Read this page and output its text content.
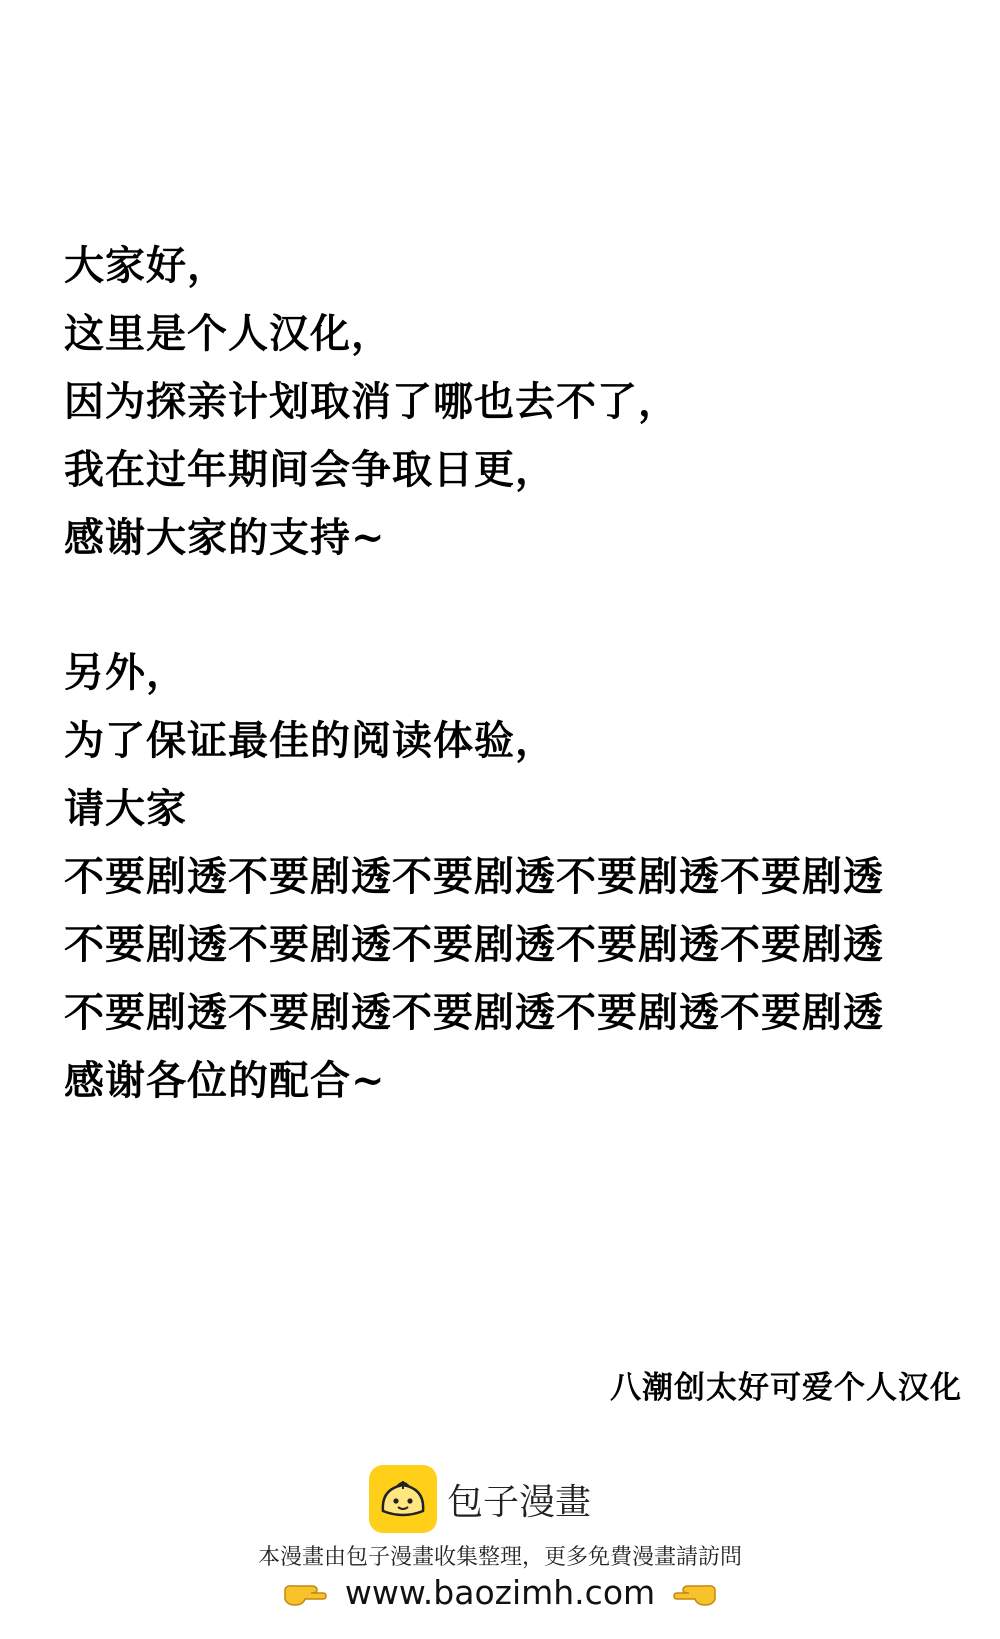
大家好，
这里是个人汉化，
因为探亲计划取消了哪也去不了，
我在过年期间会争取日更，
感谢大家的支持~
另外，
为了保证最佳的阅读体验，
请大家
不要剧透不要剧透不要剧透不要剧透不要剧透
不要剧透不要剧透不要剧透不要剧透不要剧透
不要剧透不要剧透不要剧透不要剧透不要剧透
感谢各位的配合~
八潮创太好可爱个人汉化
包子漫畫
本漫畫由包子漫畫收集整理，更多免費漫畫請訪問
www.baozimh.com
